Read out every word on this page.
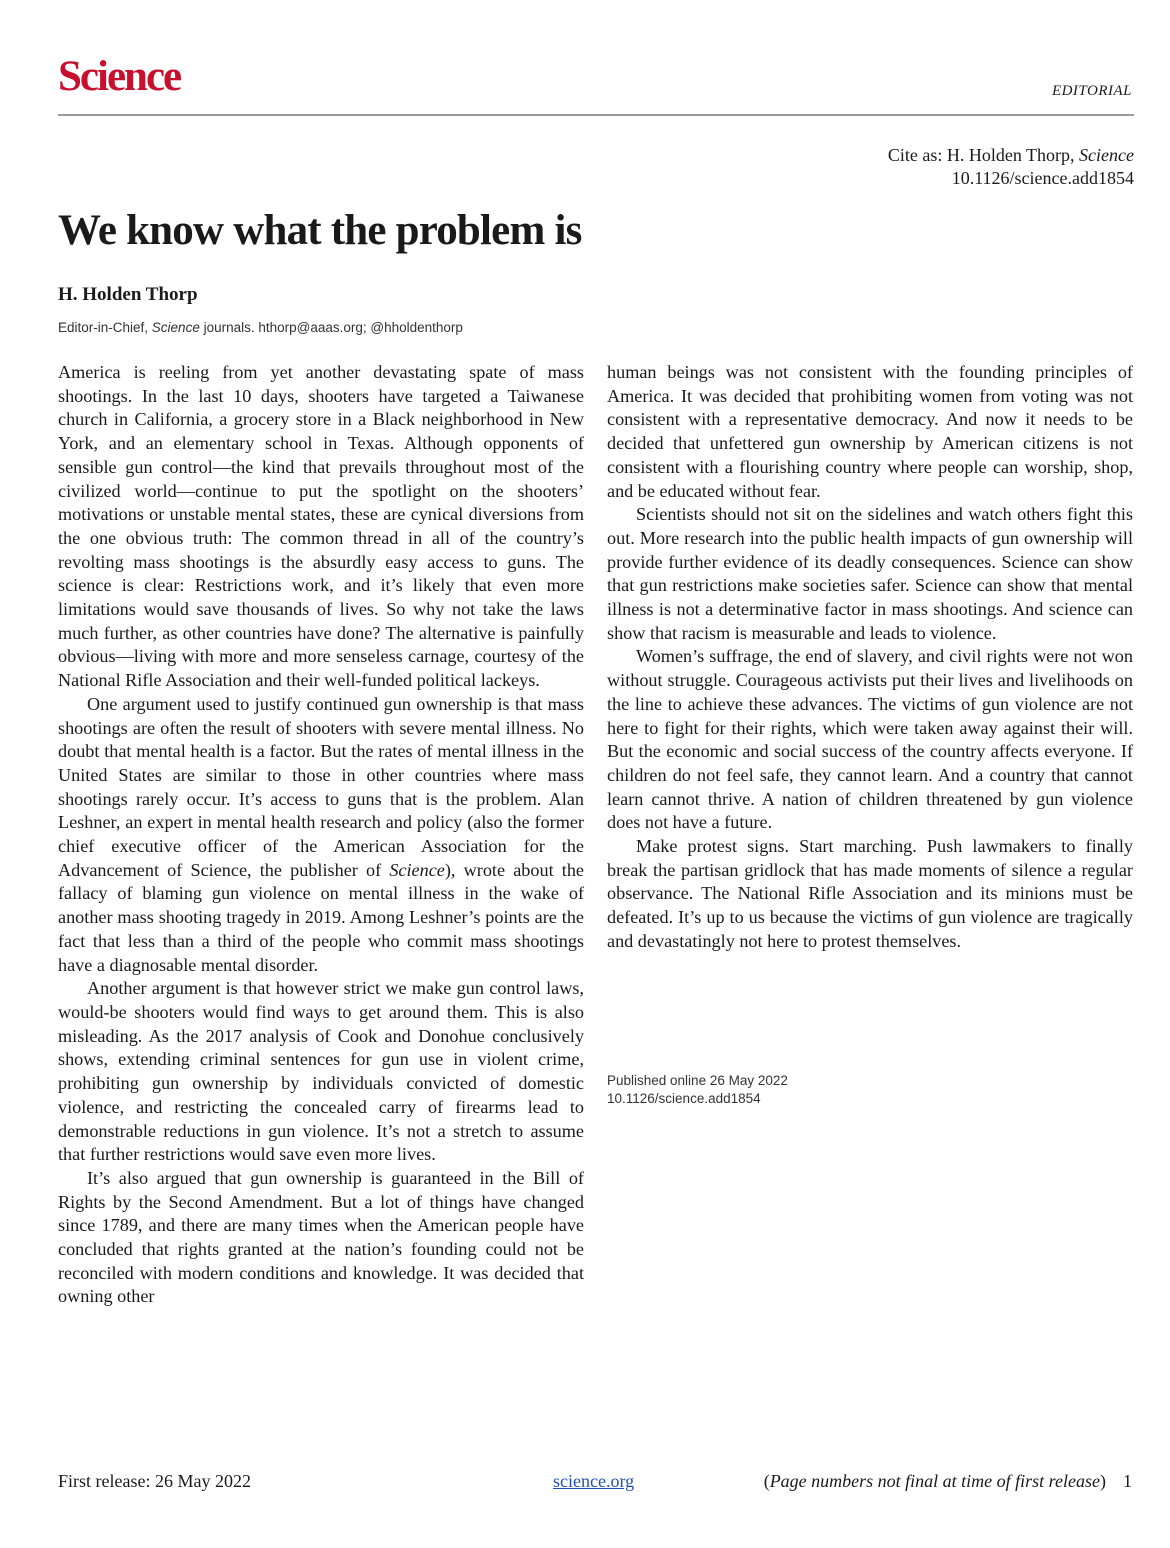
Science	EDITORIAL
Cite as: H. Holden Thorp, Science
10.1126/science.add1854
We know what the problem is
H. Holden Thorp
Editor-in-Chief, Science journals. hthorp@aaas.org; @hholdenthorp

America is reeling from yet another devastating spate of mass shootings. In the last 10 days, shooters have targeted a Taiwanese church in California, a grocery store in a Black neighborhood in New York, and an elementary school in Texas. Although opponents of sensible gun control—the kind that prevails throughout most of the civilized world—continue to put the spotlight on the shooters’ motivations or unstable mental states, these are cynical diversions from the one obvious truth: The common thread in all of the country’s revolting mass shootings is the absurdly easy access to guns. The science is clear: Restrictions work, and it’s likely that even more limitations would save thousands of lives. So why not take the laws much further, as other countries have done? The alternative is painfully obvious—living with more and more senseless carnage, courtesy of the National Rifle Association and their well-funded political lackeys.

One argument used to justify continued gun ownership is that mass shootings are often the result of shooters with severe mental illness. No doubt that mental health is a factor. But the rates of mental illness in the United States are similar to those in other countries where mass shootings rarely occur. It’s access to guns that is the problem. Alan Leshner, an expert in mental health research and policy (also the former chief executive officer of the American Association for the Advancement of Science, the publisher of Science), wrote about the fallacy of blaming gun violence on mental illness in the wake of another mass shooting tragedy in 2019. Among Leshner’s points are the fact that less than a third of the people who commit mass shootings have a diagnosable mental disorder.

Another argument is that however strict we make gun control laws, would-be shooters would find ways to get around them. This is also misleading. As the 2017 analysis of Cook and Donohue conclusively shows, extending criminal sentences for gun use in violent crime, prohibiting gun ownership by individuals convicted of domestic violence, and restricting the concealed carry of firearms lead to demonstrable reductions in gun violence. It’s not a stretch to assume that further restrictions would save even more lives.

It’s also argued that gun ownership is guaranteed in the Bill of Rights by the Second Amendment. But a lot of things have changed since 1789, and there are many times when the American people have concluded that rights granted at the nation’s founding could not be reconciled with modern conditions and knowledge. It was decided that owning other

human beings was not consistent with the founding principles of America. It was decided that prohibiting women from voting was not consistent with a representative democracy. And now it needs to be decided that unfettered gun ownership by American citizens is not consistent with a flourishing country where people can worship, shop, and be educated without fear.

Scientists should not sit on the sidelines and watch others fight this out. More research into the public health impacts of gun ownership will provide further evidence of its deadly consequences. Science can show that gun restrictions make societies safer. Science can show that mental illness is not a determinative factor in mass shootings. And science can show that racism is measurable and leads to violence.

Women’s suffrage, the end of slavery, and civil rights were not won without struggle. Courageous activists put their lives and livelihoods on the line to achieve these advances. The victims of gun violence are not here to fight for their rights, which were taken away against their will. But the economic and social success of the country affects everyone. If children do not feel safe, they cannot learn. And a country that cannot learn cannot thrive. A nation of children threatened by gun violence does not have a future.

Make protest signs. Start marching. Push lawmakers to finally break the partisan gridlock that has made moments of silence a regular observance. The National Rifle Association and its minions must be defeated. It’s up to us because the victims of gun violence are tragically and devastatingly not here to protest themselves.

Published online 26 May 2022
10.1126/science.add1854
First release: 26 May 2022	science.org	(Page numbers not final at time of first release) 1
